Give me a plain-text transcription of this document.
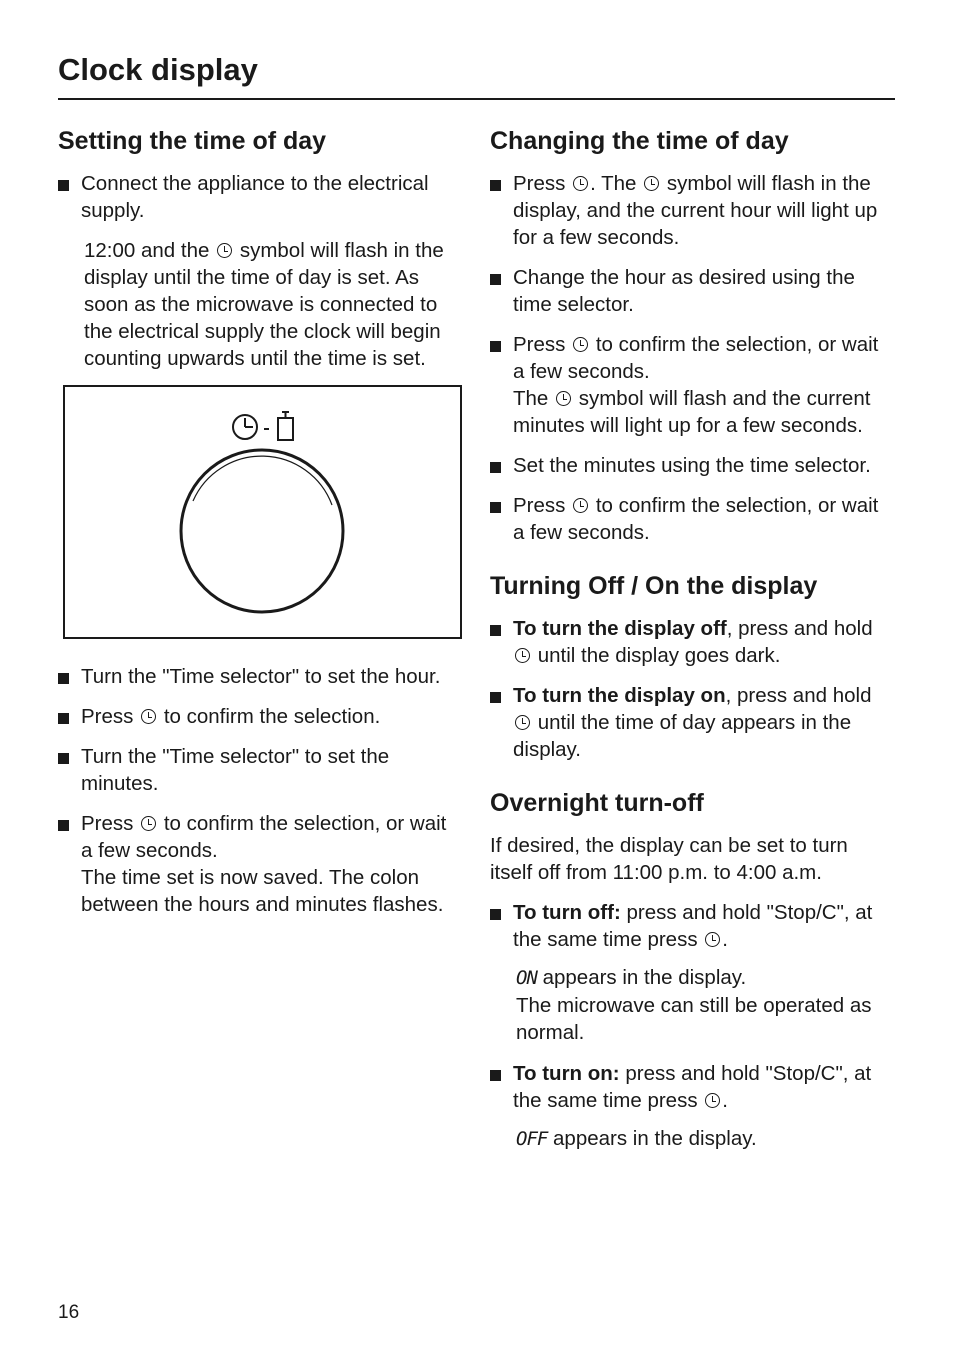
Clock display
Setting the time of day
Connect the appliance to the electrical supply.

12:00 and the symbol will flash in the display until the time of day is set. As soon as the microwave is connected to the electrical supply the clock will begin counting upwards until the time is set.

Turn the "Time selector" to set the hour.
Press to confirm the selection.
Turn the "Time selector" to set the minutes.
Press to confirm the selection, or wait a few seconds.
The time set is now saved. The colon between the hours and minutes flashes.
Changing the time of day
Press . The symbol will flash in the display, and the current hour will light up for a few seconds.
Change the hour as desired using the time selector.
Press to confirm the selection, or wait a few seconds.
The symbol will flash and the current minutes will light up for a few seconds.
Set the minutes using the time selector.
Press to confirm the selection, or wait a few seconds.
Turning Off / On the display
To turn the display off, press and hold  until the display goes dark.
To turn the display on, press and hold  until the time of day appears in the display.
Overnight turn-off

If desired, the display can be set to turn itself off from 11:00 p.m. to 4:00 a.m.

To turn off: press and hold "Stop/C", at the same time press .

ON appears in the display.
The microwave can still be operated as normal.

To turn on: press and hold "Stop/C", at the same time press .

OFF appears in the display.

16
